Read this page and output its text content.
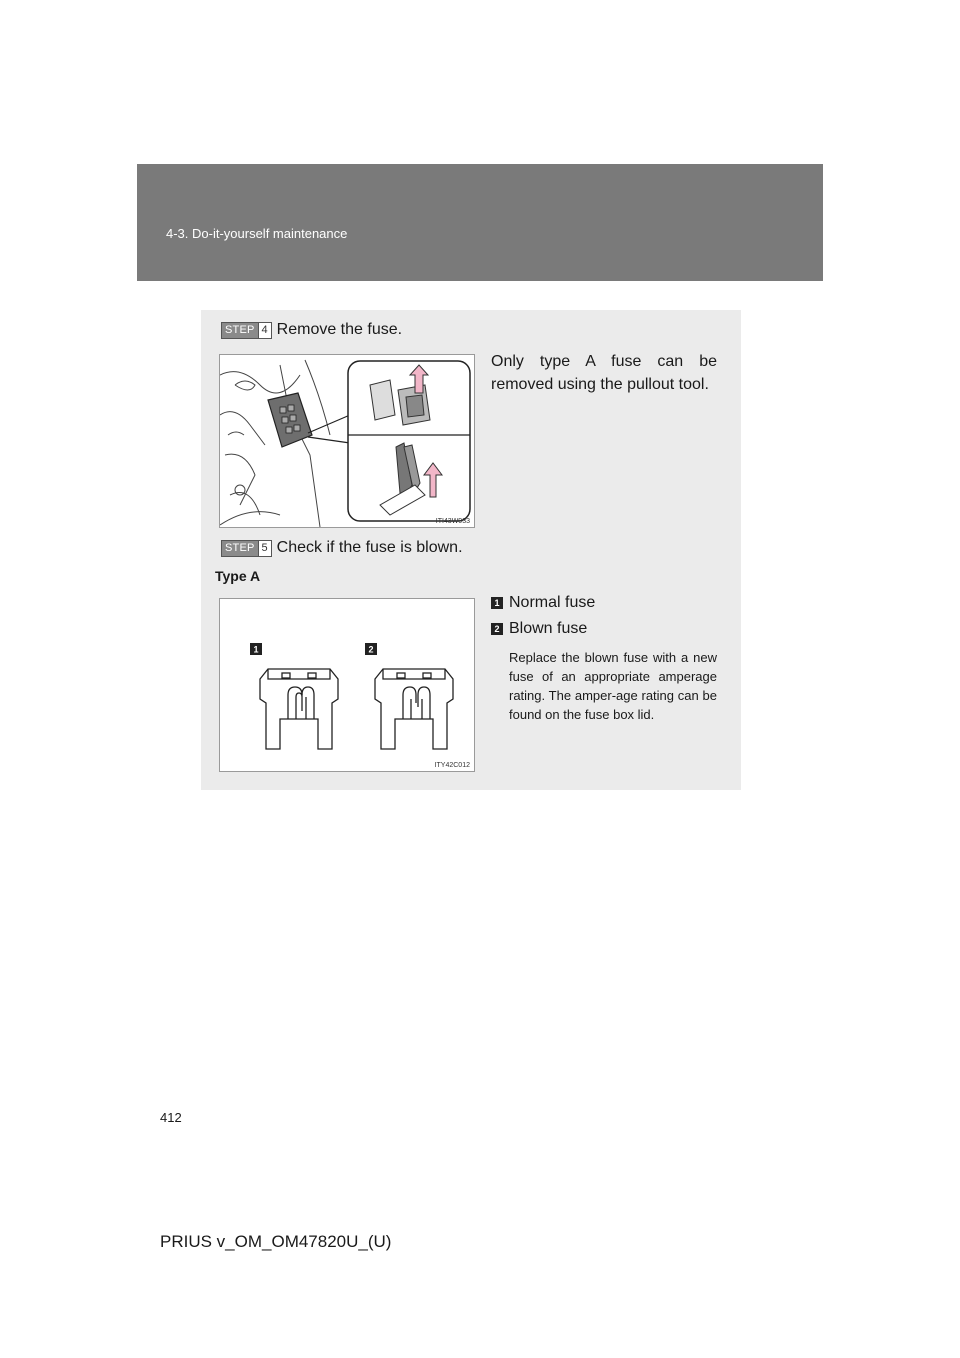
4-3. Do-it-yourself maintenance
STEP 4 Remove the fuse.
ITI43W033
Only type A fuse can be removed using the pullout tool.
STEP 5 Check if the fuse is blown.
Type A
1	2
ITY42C012
1 Normal fuse
2 Blown fuse
Replace the blown fuse with a new fuse of an appropriate amperage rating. The amper-age rating can be found on the fuse box lid.
412
PRIUS v_OM_OM47820U_(U)
